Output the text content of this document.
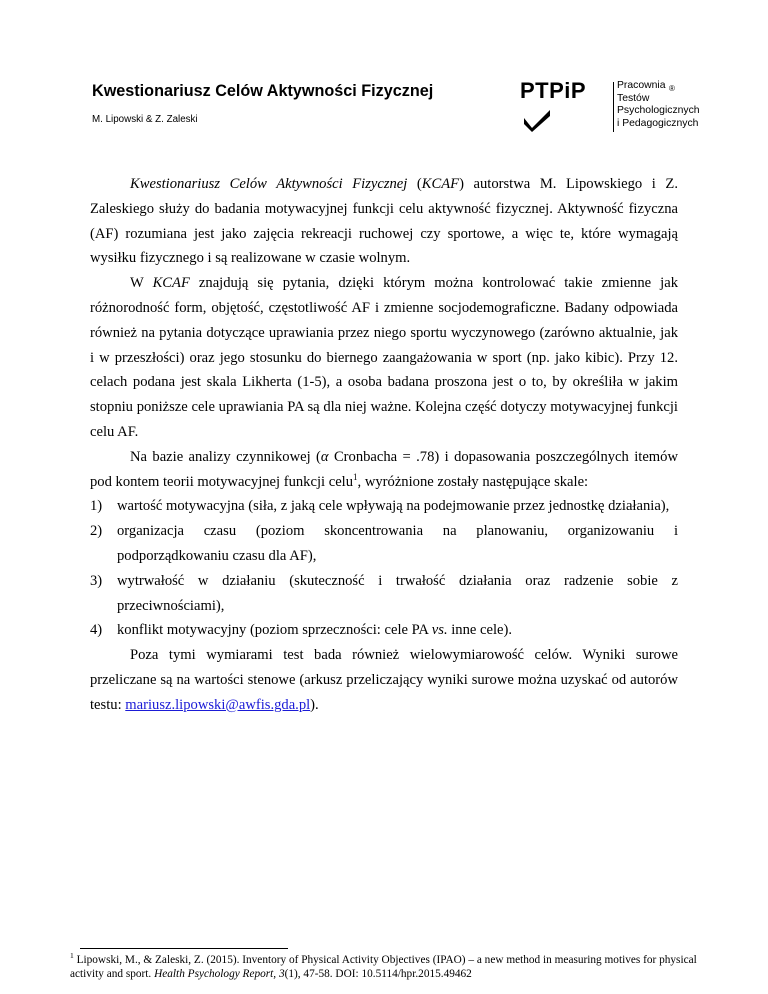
Kwestionariusz Celów Aktywności Fizycznej
M. Lipowski & Z. Zaleski
PTPiP	Pracownia
Testów
Psychologicznych
i Pedagogicznych
®

Kwestionariusz Celów Aktywności Fizycznej (KCAF) autorstwa M. Lipowskiego i Z. Zaleskiego służy do badania motywacyjnej funkcji celu aktywność fizycznej. Aktywność fizyczna (AF) rozumiana jest jako zajęcia rekreacji ruchowej czy sportowe, a więc te, które wymagają wysiłku fizycznego i są realizowane w czasie wolnym.

W KCAF znajdują się pytania, dzięki którym można kontrolować takie zmienne jak różnorodność form, objętość, częstotliwość AF i zmienne socjodemograficzne. Badany odpowiada również na pytania dotyczące uprawiania przez niego sportu wyczynowego (zarówno aktualnie, jak i w przeszłości) oraz jego stosunku do biernego zaangażowania w sport (np. jako kibic). Przy 12. celach podana jest skala Likherta (1-5), a osoba badana proszona jest o to, by określiła w jakim stopniu poniższe cele uprawiania PA są dla niej ważne. Kolejna część dotyczy motywacyjnej funkcji celu AF.

Na bazie analizy czynnikowej (α Cronbacha = .78) i dopasowania poszczególnych itemów pod kontem teorii motywacyjnej funkcji celu$^1$, wyróżnione zostały następujące skale:

1) wartość motywacyjna (siła, z jaką cele wpływają na podejmowanie przez jednostkę działania),
2) organizacja czasu (poziom skoncentrowania na planowaniu, organizowaniu i podporządkowaniu czasu dla AF),
3) wytrwałość w działaniu (skuteczność i trwałość działania oraz radzenie sobie z przeciwnościami),
4) konflikt motywacyjny (poziom sprzeczności: cele PA vs. inne cele).

Poza tymi wymiarami test bada również wielowymiarowość celów. Wyniki surowe przeliczane są na wartości stenowe (arkusz przeliczający wyniki surowe można uzyskać od autorów testu: mariusz.lipowski@awfis.gda.pl).

$^1$ Lipowski, M., & Zaleski, Z. (2015). Inventory of Physical Activity Objectives (IPAO) – a new method in measuring motives for physical activity and sport. Health Psychology Report, 3(1), 47-58. DOI: 10.5114/hpr.2015.49462
